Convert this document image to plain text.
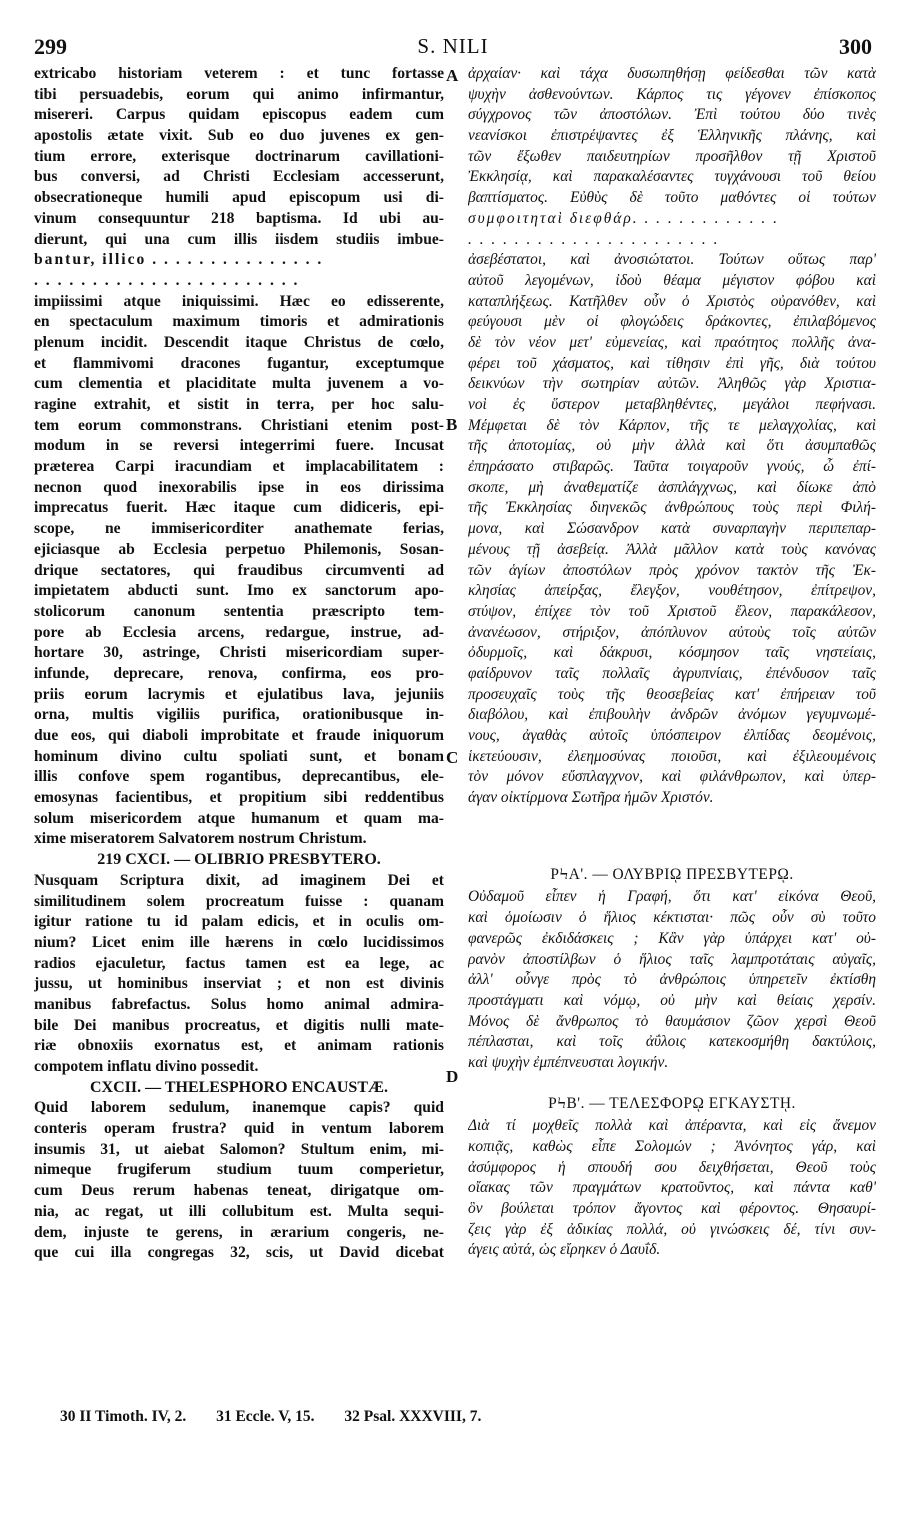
299	S. NILI	300
extricabo historiam veterem : et tunc fortasse
tibi persuadebis, eorum qui animo infirmantur,
misereri. Carpus quidam episcopus eadem cum
apostolis ætate vixit. Sub eo duo juvenes ex gen-
tium errore, exterisque doctrinarum cavillationi-
bus conversi, ad Christi Ecclesiam accesserunt,
obsecrationeque humili apud episcopum usi di-
vinum consequuntur 218 baptisma. Id ubi au-
dierunt, qui una cum illis iisdem studiis imbue-
bantur, illico . . . . . . . . . . . . . . .
. . . . . . . . . . . . . . . . . . . . . . .
impiissimi atque iniquissimi. Hæc eo edisserente,
en spectaculum maximum timoris et admirationis
plenum incidit. Descendit itaque Christus de cœlo,
et flammivomi dracones fugantur, exceptumque
cum clementia et placiditate multa juvenem a vo-
ragine extrahit, et sistit in terra, per hoc salu-
tem eorum commonstrans. Christiani etenim post-
modum in se reversi integerrimi fuere. Incusat
præterea Carpi iracundiam et implacabilitatem :
necnon quod inexorabilis ipse in eos dirissima
imprecatus fuerit. Hæc itaque cum didiceris, epi-
scope, ne immisericorditer anathemate ferias,
ejiciasque ab Ecclesia perpetuo Philemonis, Sosan-
drique sectatores, qui fraudibus circumventi ad
impietatem abducti sunt. Imo ex sanctorum apo-
stolicorum canonum sententia præscripto tem-
pore ab Ecclesia arcens, redargue, instrue, ad-
hortare 30, astringe, Christi misericordiam super-
infunde, deprecare, renova, confirma, eos pro-
priis eorum lacrymis et ejulatibus lava, jejuniis
orna, multis vigiliis purifica, orationibusque in-
due eos, qui diaboli improbitate et fraude iniquorum
hominum divino cultu spoliati sunt, et bonam
illis confove spem rogantibus, deprecantibus, ele-
emosynas facientibus, et propitium sibi reddentibus
solum misericordem atque humanum et quam ma-
xime miseratorem Salvatorem nostrum Christum.
219 CXCI. — OLIBRIO PRESBYTERO.
Nusquam Scriptura dixit, ad imaginem Dei et
similitudinem solem procreatum fuisse : quanam
igitur ratione tu id palam edicis, et in oculis om-
nium? Licet enim ille hærens in cœlo lucidissimos
radios ejaculetur, factus tamen est ea lege, ac
jussu, ut hominibus inserviat ; et non est divinis
manibus fabrefactus. Solus homo animal admira-
bile Dei manibus procreatus, et digitis nulli mate-
riæ obnoxiis exornatus est, et animam rationis
compotem inflatu divino possedit.
CXCII. — THELESPHORO ENCAUSTÆ.
Quid laborem sedulum, inanemque capis? quid
conteris operam frustra? quid in ventum laborem
insumis 31, ut aiebat Salomon? Stultum enim, mi-
nimeque frugiferum studium tuum comperietur,
cum Deus rerum habenas teneat, dirigatque om-
nia, ac regat, ut illi collubitum est. Multa sequi-
dem, injuste te gerens, in ærarium congeris, ne-
que cui illa congregas 32, scis, ut David dicebat
ἀρχαίαν· καὶ τάχα δυσωπηθήσῃ φείδεσθαι τῶν κατὰ
ψυχὴν ἀσθενούντων. Κάρπος τις γέγονεν ἐπίσκοπος
σύγχρονος τῶν ἀποστόλων. Ἐπὶ τούτου δύο τινὲς
νεανίσκοι ἐπιστρέψαντες ἐξ Ἑλληνικῆς πλάνης, καὶ
τῶν ἔξωθεν παιδευτηρίων προσῆλθον τῇ Χριστοῦ
Ἐκκλησίᾳ, καὶ παρακαλέσαντες τυγχάνουσι τοῦ θείου
βαπτίσματος. Εὐθὺς δὲ τοῦτο μαθόντες οἱ τούτων
συμφοιτηταὶ διεφθάρ. . . . . . . . . . . . .
. . . . . . . . . . . . . . . . . . . . . .
ἀσεβέστατοι, καὶ ἀνοσιώτατοι. Τούτων οὕτως παρ'
αὐτοῦ λεγομένων, ἰδοὺ θέαμα μέγιστον φόβου καὶ
καταπλήξεως. Κατῆλθεν οὖν ὁ Χριστὸς οὐρανόθεν, καὶ
φεύγουσι μὲν οἱ φλογώδεις δράκοντες, ἐπιλαβόμενος
δὲ τὸν νέον μετ' εὐμενείας, καὶ πραότητος πολλῆς ἀνα-
φέρει τοῦ χάσματος, καὶ τίθησιν ἐπὶ γῆς, διὰ τούτου
δεικνύων τὴν σωτηρίαν αὐτῶν. Ἀληθῶς γὰρ Χριστια-
νοὶ ἐς ὕστερον μεταβληθέντες, μεγάλοι πεφήνασι.
Μέμφεται δὲ τὸν Κάρπον, τῆς τε μελαγχολίας, καὶ
τῆς ἀποτομίας, οὐ μὴν ἀλλὰ καὶ ὅτι ἀσυμπαθῶς
ἐπηράσατο στιβαρῶς. Ταῦτα τοιγαροῦν γνούς, ὦ ἐπί-
σκοπε, μὴ ἀναθεματίζε ἀσπλάγχνως, καὶ δίωκε ἀπὸ
τῆς Ἐκκλησίας διηνεκῶς ἀνθρώπους τοὺς περὶ Φιλή-
μονα, καὶ Σώσανδρον κατὰ συναρπαγὴν περιπεπαρ-
μένους τῇ ἀσεβείᾳ. Ἀλλὰ μᾶλλον κατὰ τοὺς κανόνας
τῶν ἁγίων ἀποστόλων πρὸς χρόνον τακτὸν τῆς Ἐκ-
κλησίας ἀπείρξας, ἔλεγξον, νουθέτησον, ἐπίτρεψον,
στύψον, ἐπίχεε τὸν τοῦ Χριστοῦ ἔλεον, παρακάλεσον,
ἀνανέωσον, στήριξον, ἀπόπλυνον αὐτοὺς τοῖς αὐτῶν
ὀδυρμοῖς, καὶ δάκρυσι, κόσμησον ταῖς νηστείαις,
φαίδρυνον ταῖς πολλαῖς ἀγρυπνίαις, ἐπένδυσον ταῖς
προσευχαῖς τοὺς τῆς θεοσεβείας κατ' ἐπήρειαν τοῦ
διαβόλου, καὶ ἐπιβουλὴν ἀνδρῶν ἀνόμων γεγυμνωμέ-
νους, ἀγαθὰς αὐτοῖς ὑπόσπειρον ἐλπίδας δεομένοις,
ἱκετεύουσιν, ἐλεημοσύνας ποιοῦσι, καὶ ἐξιλεουμένοις
τὸν μόνον εὔσπλαγχνον, καὶ φιλάνθρωπον, καὶ ὑπερ-
άγαν οἰκτίρμονα Σωτῆρα ἡμῶν Χριστόν.
ΡϞΑ'. — ΟΛΥΒΡΙῼ ΠΡΕΣΒΥΤΕΡῼ.
Οὐδαμοῦ εἶπεν ἡ Γραφή, ὅτι κατ' εἰκόνα Θεοῦ,
καὶ ὁμοίωσιν ὁ ἥλιος κέκτισται· πῶς οὖν σὺ τοῦτο
φανερῶς ἐκδιδάσκεις ; Κἂν γὰρ ὑπάρχει κατ' οὐ-
ρανὸν ἀποστίλβων ὁ ἥλιος ταῖς λαμπροτάταις αὐγαῖς,
ἀλλ' οὖνγε πρὸς τὸ ἀνθρώποις ὑπηρετεῖν ἐκτίσθη
προστάγματι καὶ νόμῳ, οὐ μὴν καὶ θείαις χερσίν.
Μόνος δὲ ἄνθρωπος τὸ θαυμάσιον ζῶον χερσὶ Θεοῦ
πέπλασται, καὶ τοῖς ἀΰλοις κατεκοσμήθη δακτύλοις,
καὶ ψυχὴν ἐμπέπνευσται λογικήν.
ΡϞΒ'. — ΤΕΛΕΣΦΟΡῼ ΕΓΚΑΥΣΤῌ.
Διὰ τί μοχθεῖς πολλὰ καὶ ἀπέραντα, καὶ εἰς ἄνεμον
κοπιᾷς, καθὼς εἶπε Σολομών ; Ἀνόνητος γάρ, καὶ
ἀσύμφορος ἡ σπουδή σου δειχθήσεται, Θεοῦ τοὺς
οἴακας τῶν πραγμάτων κρατοῦντος, καὶ πάντα καθ'
ὃν βούλεται τρόπον ἄγοντος καὶ φέροντος. Θησαυρί-
ζεις γὰρ ἐξ ἀδικίας πολλά, οὐ γινώσκεις δέ, τίνι συν-
άγεις αὐτά, ὡς εἴρηκεν ὁ Δαυΐδ.
A
B
C
D
30 II Timoth. IV, 2. 31 Eccle. V, 15. 32 Psal. XXXVIII, 7.
